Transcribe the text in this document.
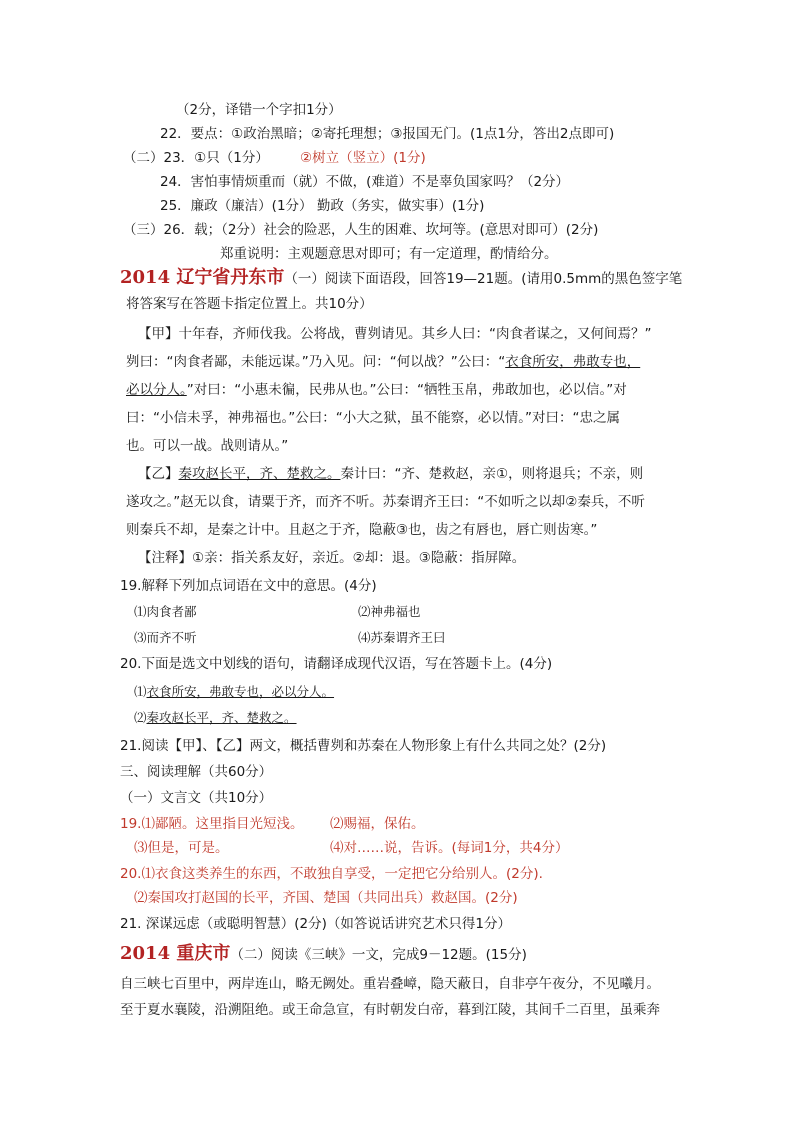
（2分，译错一个字扣1分）
22．要点：①政治黑暗；②寄托理想；③报国无门。(1点1分，答出2点即可)
（二）23．①只（1分） ②树立（竖立）(1分)
24．害怕事情烦重而（就）不做，(难道）不是辜负国家吗？（2分）
25．廉政（廉洁）(1分） 勤政（务实，做实事）(1分)
（三）26．载；（2分）社会的险恶，人生的困难、坎坷等。(意思对即可）(2分)
郑重说明：主观题意思对即可；有一定道理，酌情给分。
2014 辽宁省丹东市（一）阅读下面语段，回答19—21题。(请用0.5mm的黑色签字笔
将答案写在答题卡指定位置上。共10分）
【甲】十年春，齐师伐我。公将战，曹刿请见。其乡人曰：“肉食者谋之，又何间焉？”
刿曰：“肉食者鄙，未能远谋。”乃入见。问：“何以战？”公曰：“衣食所安，弗敢专也，
必以分人。”对曰：“小惠未徧，民弗从也。”公曰：“牺牲玉帛，弗敢加也，必以信。”对
曰：“小信未孚，神弗福也。”公曰：“小大之狱，虽不能察，必以情。”对曰：“忠之属
也。可以一战。战则请从。”
【乙】秦攻赵长平，齐、楚救之。秦计曰：“齐、楚救赵，亲①，则将退兵；不亲，则
遂攻之。”赵无以食，请粟于齐，而齐不听。苏秦谓齐王曰：“不如听之以却②秦兵，不听
则秦兵不却，是秦之计中。且赵之于齐，隐蔽③也，齿之有唇也，唇亡则齿寒。”
【注释】①亲：指关系友好，亲近。②却：退。③隐蔽：指屏障。
19.解释下列加点词语在文中的意思。(4分)
⑴肉食者鄙	⑵神弗福也
⑶而齐不听	⑷苏秦谓齐王曰
20.下面是选文中划线的语句，请翻译成现代汉语，写在答题卡上。(4分)
⑴衣食所安，弗敢专也，必以分人。
⑵秦攻赵长平，齐、楚救之。
21.阅读【甲】、【乙】两文，概括曹刿和苏秦在人物形象上有什么共同之处？(2分)
三、阅读理解（共60分）
（一）文言文（共10分）
19.⑴鄙陋。这里指目光短浅。 ⑵赐福，保佑。
⑶但是，可是。	⑷对……说，告诉。(每词1分，共4分）
20.⑴衣食这类养生的东西，不敢独自享受，一定把它分给别人。(2分).
⑵秦国攻打赵国的长平，齐国、楚国（共同出兵）救赵国。(2分)
21. 深谋远虑（或聪明智慧）(2分)（如答说话讲究艺术只得1分）
2014 重庆市（二）阅读《三峡》一文，完成9－12题。(15分)
自三峡七百里中，两岸连山，略无阙处。重岩叠嶂，隐天蔽日，自非亭午夜分，不见曦月。
至于夏水襄陵，沿溯阻绝。或王命急宣，有时朝发白帝，暮到江陵，其间千二百里，虽乘奔
